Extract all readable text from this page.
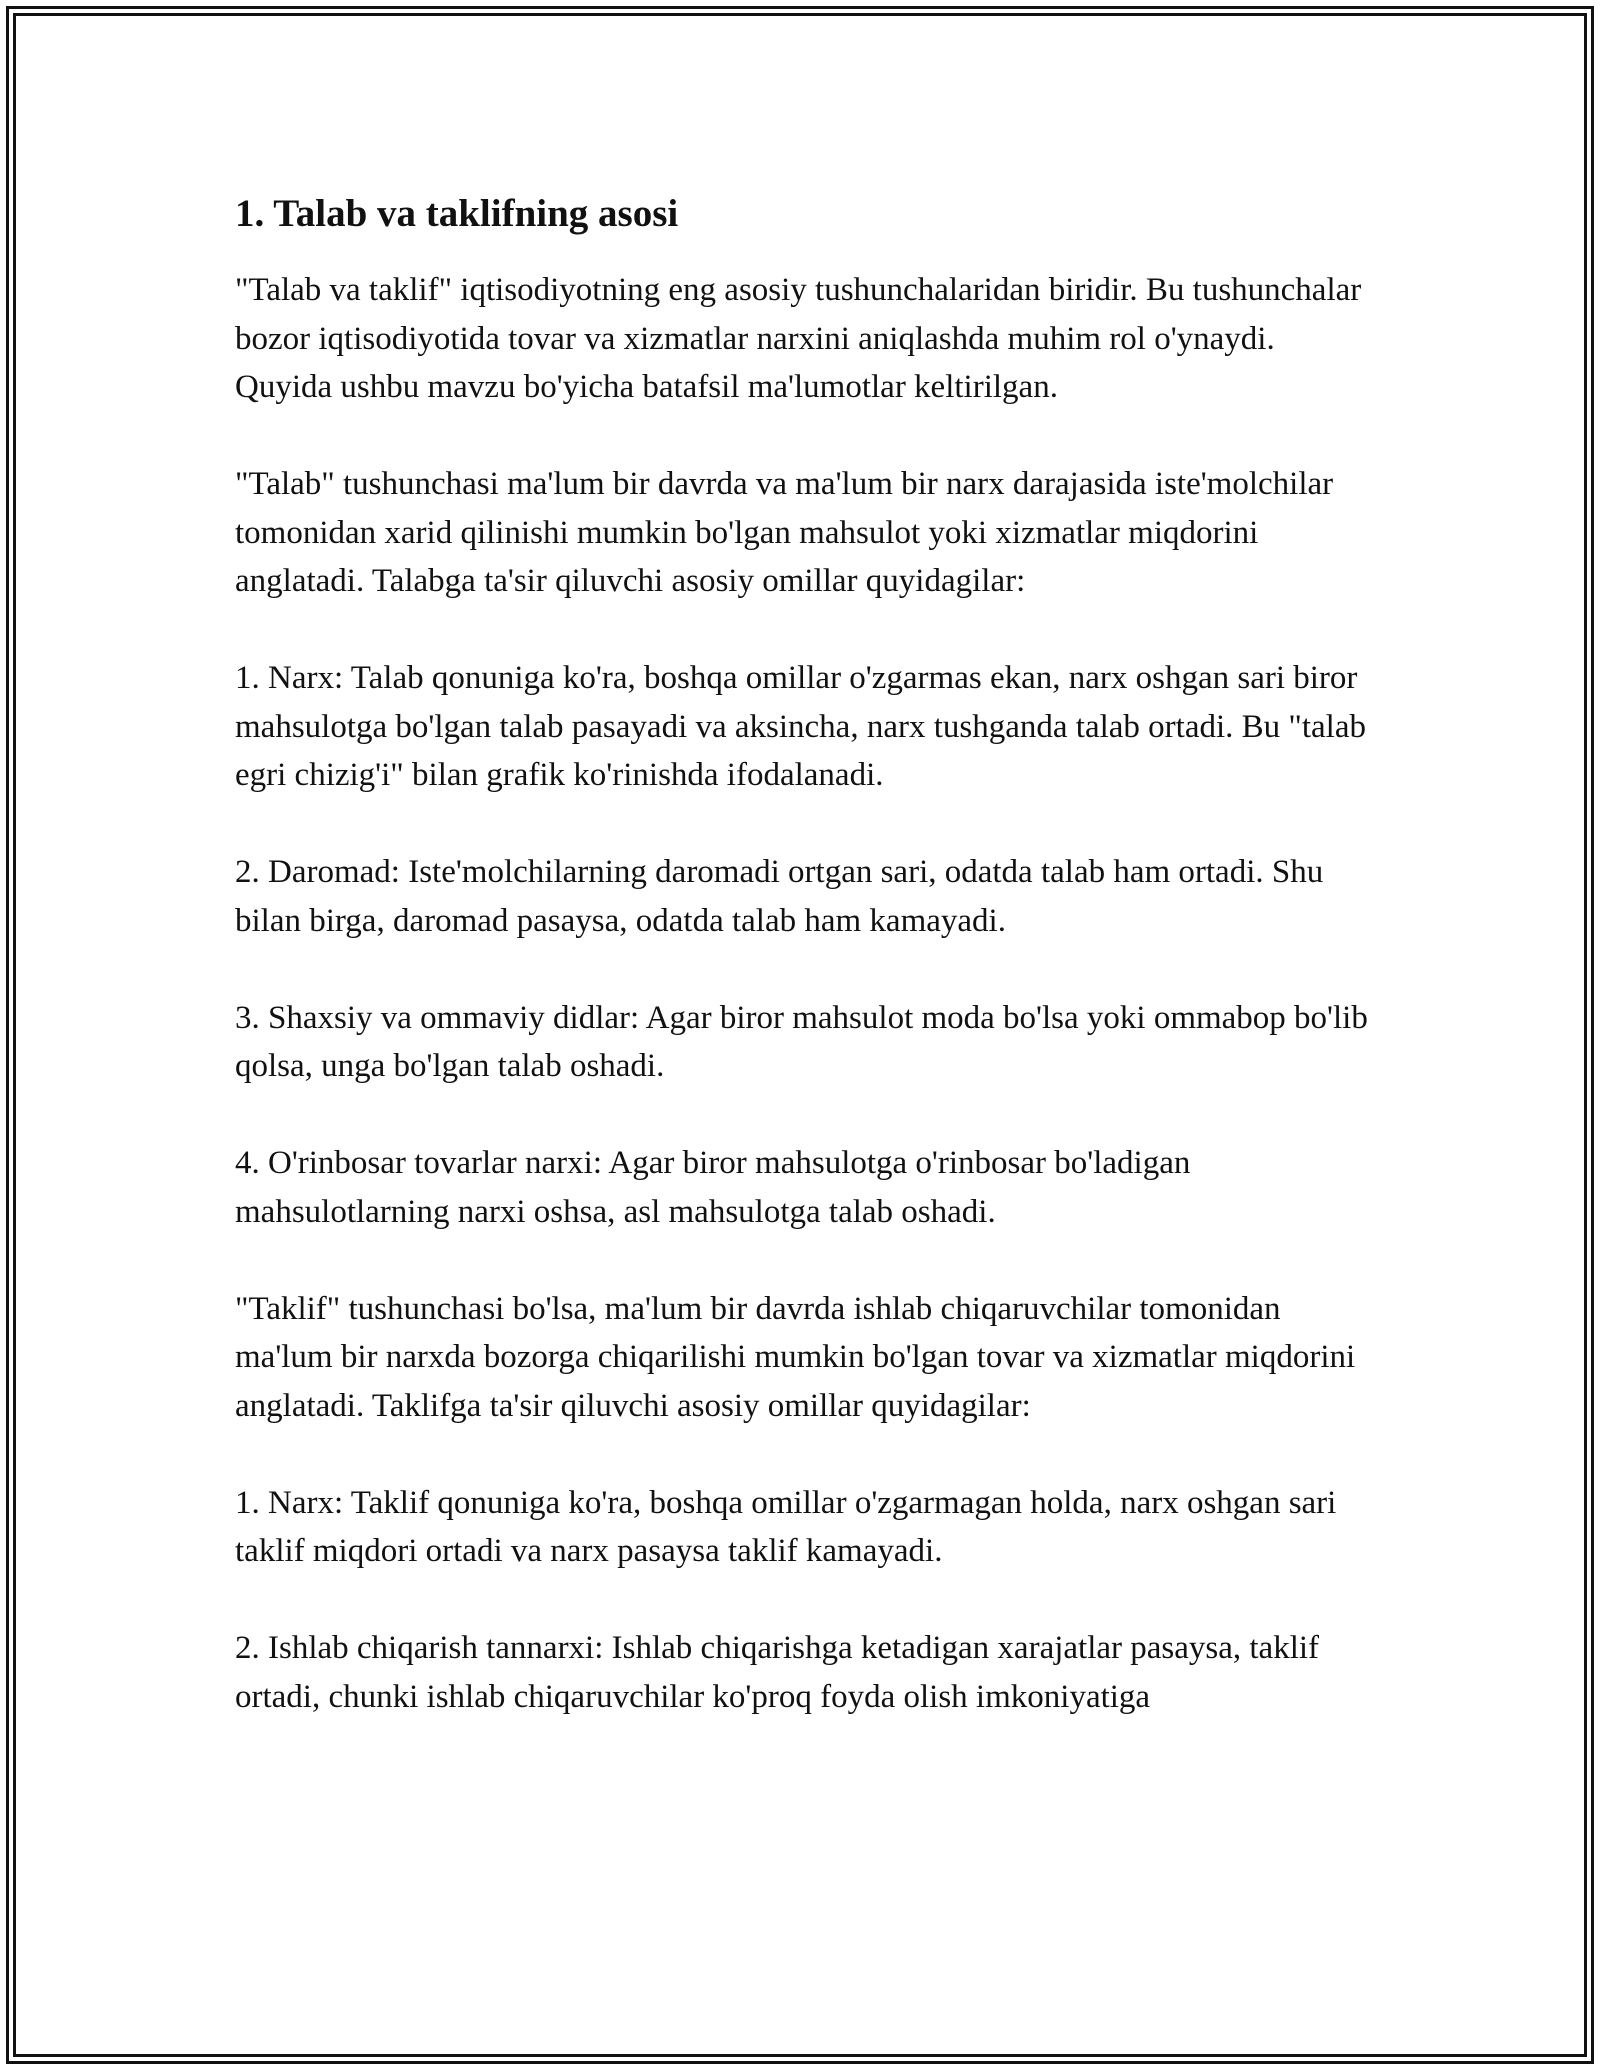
1. Talab va taklifning asosi

"Talab va taklif" iqtisodiyotning eng asosiy tushunchalaridan biridir. Bu tushunchalar bozor iqtisodiyotida tovar va xizmatlar narxini aniqlashda muhim rol o'ynaydi. Quyida ushbu mavzu bo'yicha batafsil ma'lumotlar keltirilgan.

"Talab" tushunchasi ma'lum bir davrda va ma'lum bir narx darajasida iste'molchilar tomonidan xarid qilinishi mumkin bo'lgan mahsulot yoki xizmatlar miqdorini anglatadi. Talabga ta'sir qiluvchi asosiy omillar quyidagilar:

1. Narx: Talab qonuniga ko'ra, boshqa omillar o'zgarmas ekan, narx oshgan sari biror mahsulotga bo'lgan talab pasayadi va aksincha, narx tushganda talab ortadi. Bu "talab egri chizig'i" bilan grafik ko'rinishda ifodalanadi.

2. Daromad: Iste'molchilarning daromadi ortgan sari, odatda talab ham ortadi. Shu bilan birga, daromad pasaysa, odatda talab ham kamayadi.

3. Shaxsiy va ommaviy didlar: Agar biror mahsulot moda bo'lsa yoki ommabop bo'lib qolsa, unga bo'lgan talab oshadi.

4. O'rinbosar tovarlar narxi: Agar biror mahsulotga o'rinbosar bo'ladigan mahsulotlarning narxi oshsa, asl mahsulotga talab oshadi.

"Taklif" tushunchasi bo'lsa, ma'lum bir davrda ishlab chiqaruvchilar tomonidan ma'lum bir narxda bozorga chiqarilishi mumkin bo'lgan tovar va xizmatlar miqdorini anglatadi. Taklifga ta'sir qiluvchi asosiy omillar quyidagilar:

1. Narx: Taklif qonuniga ko'ra, boshqa omillar o'zgarmagan holda, narx oshgan sari taklif miqdori ortadi va narx pasaysa taklif kamayadi.

2. Ishlab chiqarish tannarxi: Ishlab chiqarishga ketadigan xarajatlar pasaysa, taklif ortadi, chunki ishlab chiqaruvchilar ko'proq foyda olish imkoniyatiga
